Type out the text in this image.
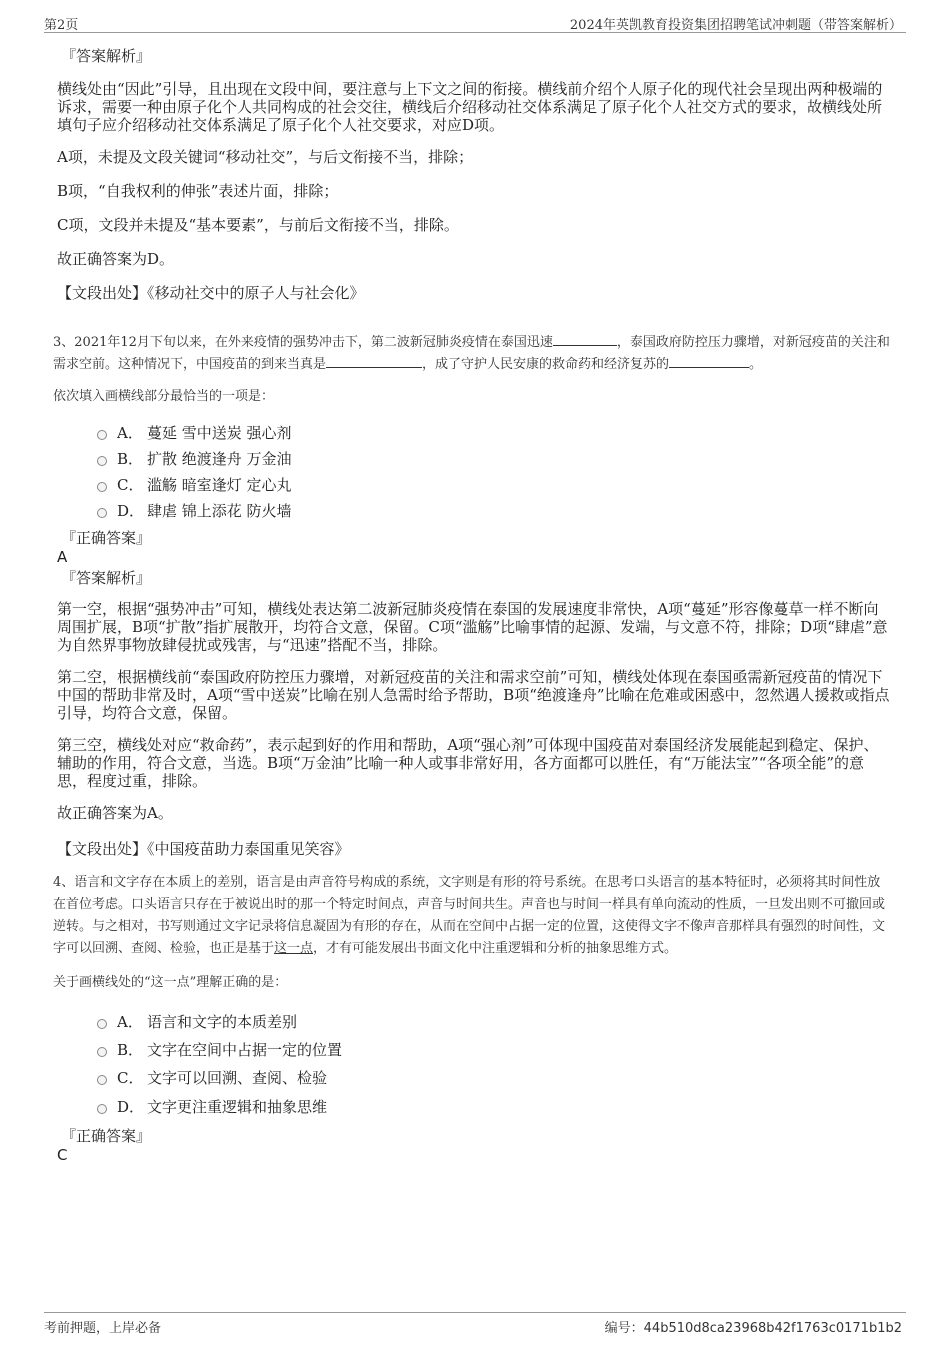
第2页	2024年英凯教育投资集团招聘笔试冲刺题（带答案解析）
『答案解析』

横线处由“因此”引导，且出现在文段中间，要注意与上下文之间的衔接。横线前介绍个人原子化的现代社会呈现出两种极端的诉求，需要一种由原子化个人共同构成的社会交往，横线后介绍移动社交体系满足了原子化个人社交方式的要求，故横线处所填句子应介绍移动社交体系满足了原子化个人社交要求，对应D项。

A项，未提及文段关键词“移动社交”，与后文衔接不当，排除；

B项，“自我权利的伸张”表述片面，排除；

C项，文段并未提及“基本要素”，与前后文衔接不当，排除。

故正确答案为D。

【文段出处】《移动社交中的原子人与社会化》

3、2021年12月下旬以来，在外来疫情的强势冲击下，第二波新冠肺炎疫情在泰国迅速	，泰国政府防控压力骤增，对新冠疫苗的关注和需求空前。这种情况下，中国疫苗的到来当真是	，成了守护人民安康的救命药和经济复苏的	。
依次填入画横线部分最恰当的一项是：
A． 蔓延 雪中送炭 强心剂
B． 扩散 绝渡逢舟 万金油
C． 滥觞 暗室逢灯 定心丸
D． 肆虐 锦上添花 防火墙
『正确答案』
A
『答案解析』

第一空，根据“强势冲击”可知，横线处表达第二波新冠肺炎疫情在泰国的发展速度非常快，A项“蔓延”形容像蔓草一样不断向周围扩展，B项“扩散”指扩展散开，均符合文意，保留。C项“滥觞”比喻事情的起源、发端，与文意不符，排除；D项“肆虐”意为自然界事物放肆侵扰或残害，与“迅速”搭配不当，排除。

第二空，根据横线前“泰国政府防控压力骤增，对新冠疫苗的关注和需求空前”可知，横线处体现在泰国亟需新冠疫苗的情况下中国的帮助非常及时，A项“雪中送炭”比喻在别人急需时给予帮助，B项“绝渡逢舟”比喻在危难或困惑中，忽然遇人援救或指点引导，均符合文意，保留。

第三空，横线处对应“救命药”，表示起到好的作用和帮助，A项“强心剂”可体现中国疫苗对泰国经济发展能起到稳定、保护、辅助的作用，符合文意，当选。B项“万金油”比喻一种人或事非常好用，各方面都可以胜任，有“万能法宝”“各项全能”的意思，程度过重，排除。

故正确答案为A。

【文段出处】《中国疫苗助力泰国重见笑容》

4、语言和文字存在本质上的差别，语言是由声音符号构成的系统，文字则是有形的符号系统。在思考口头语言的基本特征时，必须将其时间性放在首位考虑。口头语言只存在于被说出时的那一个特定时间点，声音与时间共生。声音也与时间一样具有单向流动的性质，一旦发出则不可撤回或逆转。与之相对，书写则通过文字记录将信息凝固为有形的存在，从而在空间中占据一定的位置，这使得文字不像声音那样具有强烈的时间性，文字可以回溯、查阅、检验，也正是基于这一点，才有可能发展出书面文化中注重逻辑和分析的抽象思维方式。
关于画横线处的“这一点”理解正确的是：
A． 语言和文字的本质差别
B． 文字在空间中占据一定的位置
C． 文字可以回溯、查阅、检验
D． 文字更注重逻辑和抽象思维
『正确答案』
C
考前押题，上岸必备	编号：44b510d8ca23968b42f1763c0171b1b2
